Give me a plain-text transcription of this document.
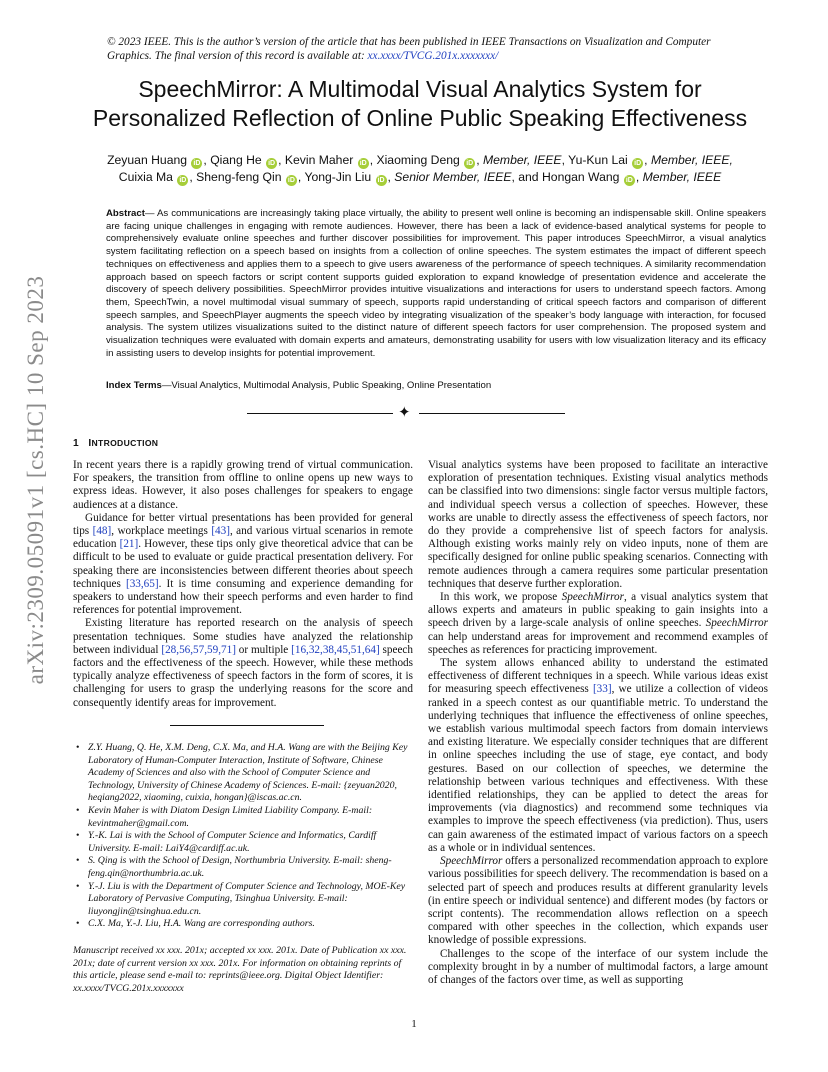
arXiv:2309.05091v1 [cs.HC] 10 Sep 2023
© 2023 IEEE. This is the author’s version of the article that has been published in IEEE Transactions on Visualization and Computer Graphics. The final version of this record is available at: xx.xxxx/TVCG.201x.xxxxxxx/
SpeechMirror: A Multimodal Visual Analytics System for
Personalized Reflection of Online Public Speaking Effectiveness
Zeyuan Huang iD , Qiang He iD , Kevin Maher iD , Xiaoming Deng iD , Member, IEEE, Yu-Kun Lai iD , Member, IEEE,
Cuixia Ma iD , Sheng-feng Qin iD , Yong-Jin Liu iD , Senior Member, IEEE, and Hongan Wang iD , Member, IEEE
Abstract— As communications are increasingly taking place virtually, the ability to present well online is becoming an indispensable skill. Online speakers are facing unique challenges in engaging with remote audiences. However, there has been a lack of evidence-based analytical systems for people to comprehensively evaluate online speeches and further discover possibilities for improvement. This paper introduces SpeechMirror, a visual analytics system facilitating reflection on a speech based on insights from a collection of online speeches. The system estimates the impact of different speech techniques on effectiveness and applies them to a speech to give users awareness of the performance of speech techniques. A similarity recommendation approach based on speech factors or script content supports guided exploration to expand knowledge of presentation evidence and accelerate the discovery of speech delivery possibilities. SpeechMirror provides intuitive visualizations and interactions for users to understand speech factors. Among them, SpeechTwin, a novel multimodal visual summary of speech, supports rapid understanding of critical speech factors and comparison of different speech samples, and SpeechPlayer augments the speech video by integrating visualization of the speaker’s body language with interaction, for focused analysis. The system utilizes visualizations suited to the distinct nature of different speech factors for user comprehension. The proposed system and visualization techniques were evaluated with domain experts and amateurs, demonstrating usability for users with low visualization literacy and its efficacy in assisting users to develop insights for potential improvement.
Index Terms—Visual Analytics, Multimodal Analysis, Public Speaking, Online Presentation
✦
1 INTRODUCTION

In recent years there is a rapidly growing trend of virtual communication. For speakers, the transition from offline to online opens up new ways to express ideas. However, it also poses challenges for speakers to engage audiences at a distance.

Guidance for better virtual presentations has been provided for general tips [48], workplace meetings [43], and various virtual scenarios in remote education [21]. However, these tips only give theoretical advice that can be difficult to be used to evaluate or guide practical presentation delivery. For speaking there are inconsistencies between different theories about speech techniques [33,65]. It is time consuming and experience demanding for speakers to understand how their speech performs and even harder to find references for potential improvement.

Existing literature has reported research on the analysis of speech presentation techniques. Some studies have analyzed the relationship between individual [28,56,57,59,71] or multiple [16,32,38,45,51,64] speech factors and the effectiveness of the speech. However, while these methods typically analyze effectiveness of speech factors in the form of scores, it is challenging for users to grasp the underlying reasons for the score and consequently identify areas for improvement.

• Z.Y. Huang, Q. He, X.M. Deng, C.X. Ma, and H.A. Wang are with the Beijing Key Laboratory of Human-Computer Interaction, Institute of Software, Chinese Academy of Sciences and also with the School of Computer Science and Technology, University of Chinese Academy of Sciences. E-mail: {zeyuan2020, heqiang2022, xiaoming, cuixia, hongan}@iscas.ac.cn.
• Kevin Maher is with Diatom Design Limited Liability Company. E-mail: kevintmaher@gmail.com.
• Y.-K. Lai is with the School of Computer Science and Informatics, Cardiff University. E-mail: LaiY4@cardiff.ac.uk.
• S. Qing is with the School of Design, Northumbria University. E-mail: sheng-feng.qin@northumbria.ac.uk.
• Y.-J. Liu is with the Department of Computer Science and Technology, MOE-Key Laboratory of Pervasive Computing, Tsinghua University. E-mail: liuyongjin@tsinghua.edu.cn.
• C.X. Ma, Y.-J. Liu, H.A. Wang are corresponding authors.
Manuscript received xx xxx. 201x; accepted xx xxx. 201x. Date of Publication xx xxx. 201x; date of current version xx xxx. 201x. For information on obtaining reprints of this article, please send e-mail to: reprints@ieee.org. Digital Object Identifier: xx.xxxx/TVCG.201x.xxxxxxx

Visual analytics systems have been proposed to facilitate an interactive exploration of presentation techniques. Existing visual analytics methods can be classified into two dimensions: single factor versus multiple factors, and individual speech versus a collection of speeches. However, these works are unable to directly assess the effectiveness of speech factors, nor do they provide a comprehensive list of speech factors for analysis. Although existing works mainly rely on video inputs, none of them are specifically designed for online public speaking scenarios. Connecting with remote audiences through a camera requires some particular presentation techniques that deserve further exploration.

In this work, we propose SpeechMirror, a visual analytics system that allows experts and amateurs in public speaking to gain insights into a speech driven by a large-scale analysis of online speeches. SpeechMirror can help understand areas for improvement and recommend examples of speeches as references for practicing improvement.

The system allows enhanced ability to understand the estimated effectiveness of different techniques in a speech. While various ideas exist for measuring speech effectiveness [33], we utilize a collection of videos ranked in a speech contest as our quantifiable metric. To understand the underlying techniques that influence the effectiveness of online speeches, we establish various multimodal speech factors from domain interviews and existing literature. We especially consider techniques that are different in online speeches including the use of stage, eye contact, and body gestures. Based on our collection of speeches, we determine the relationship between various techniques and effectiveness. With these identified relationships, they can be applied to detect the areas for improvements (via diagnostics) and recommend some techniques via examples to improve the speech effectiveness (via prediction). Thus, users can gain awareness of the estimated impact of various factors on a speech as a whole or in individual sentences.

SpeechMirror offers a personalized recommendation approach to explore various possibilities for speech delivery. The recommendation is based on a selected part of speech and produces results at different granularity levels (in entire speech or individual sentence) and different modes (by factors or script contents). The recommendation allows reflection on a speech compared with other speeches in the collection, which expands user knowledge of possible expressions.

Challenges to the scope of the interface of our system include the complexity brought in by a number of multimodal factors, a large amount of changes of the factors over time, as well as supporting

1
